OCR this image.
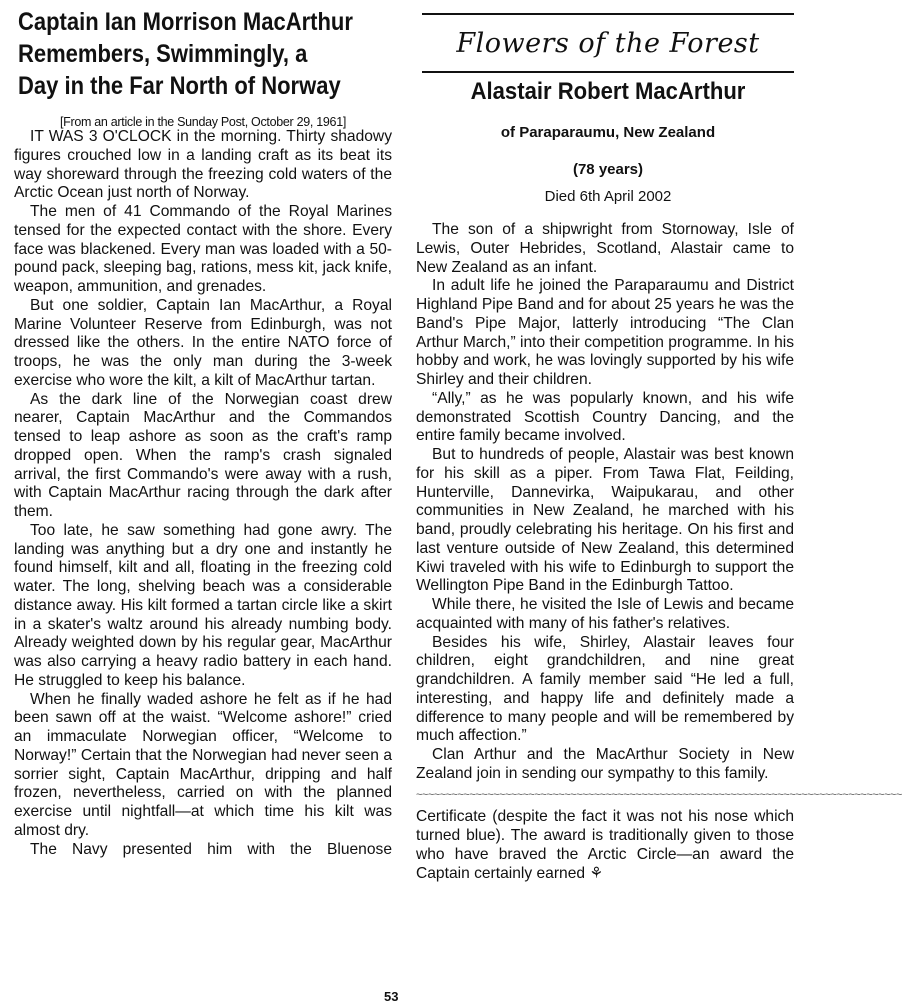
Captain Ian Morrison MacArthur
Remembers, Swimmingly, a
Day in the Far North of Norway
[From an article in the Sunday Post, October 29, 1961]

IT WAS 3 O'CLOCK in the morning. Thirty shadowy figures crouched low in a landing craft as its beat its way shoreward through the freezing cold waters of the Arctic Ocean just north of Norway.

The men of 41 Commando of the Royal Marines tensed for the expected contact with the shore. Every face was blackened. Every man was loaded with a 50-pound pack, sleeping bag, rations, mess kit, jack knife, weapon, ammunition, and grenades.

But one soldier, Captain Ian MacArthur, a Royal Marine Volunteer Reserve from Edinburgh, was not dressed like the others. In the entire NATO force of troops, he was the only man during the 3-week exercise who wore the kilt, a kilt of MacArthur tartan.

As the dark line of the Norwegian coast drew nearer, Captain MacArthur and the Commandos tensed to leap ashore as soon as the craft's ramp dropped open. When the ramp's crash signaled arrival, the first Commando's were away with a rush, with Captain MacArthur racing through the dark after them.

Too late, he saw something had gone awry. The landing was anything but a dry one and instantly he found himself, kilt and all, floating in the freezing cold water. The long, shelving beach was a considerable distance away. His kilt formed a tartan circle like a skirt in a skater's waltz around his already numbing body. Already weighted down by his regular gear, MacArthur was also carrying a heavy radio battery in each hand. He struggled to keep his balance.

When he finally waded ashore he felt as if he had been sawn off at the waist. “Welcome ashore!” cried an immaculate Norwegian officer, “Welcome to Norway!” Certain that the Norwegian had never seen a sorrier sight, Captain MacArthur, dripping and half frozen, nevertheless, carried on with the planned exercise until nightfall—at which time his kilt was almost dry.

The Navy presented him with the Bluenose

Flowers of the Forest
Alastair Robert MacArthur
of Paraparaumu, New Zealand
(78 years)
Died 6th April 2002

The son of a shipwright from Stornoway, Isle of Lewis, Outer Hebrides, Scotland, Alastair came to New Zealand as an infant.

In adult life he joined the Paraparaumu and District Highland Pipe Band and for about 25 years he was the Band's Pipe Major, latterly introducing “The Clan Arthur March,” into their competition programme. In his hobby and work, he was lovingly supported by his wife Shirley and their children.

“Ally,” as he was popularly known, and his wife demonstrated Scottish Country Dancing, and the entire family became involved.

But to hundreds of people, Alastair was best known for his skill as a piper. From Tawa Flat, Feilding, Hunterville, Dannevirka, Waipukarau, and other communities in New Zealand, he marched with his band, proudly celebrating his heritage. On his first and last venture outside of New Zealand, this determined Kiwi traveled with his wife to Edinburgh to support the Wellington Pipe Band in the Edinburgh Tattoo.

While there, he visited the Isle of Lewis and became acquainted with many of his father's relatives.

Besides his wife, Shirley, Alastair leaves four children, eight grandchildren, and nine great grandchildren. A family member said “He led a full, interesting, and happy life and definitely made a difference to many people and will be remembered by much affection.”

Clan Arthur and the MacArthur Society in New Zealand join in sending our sympathy to this family.

~~~~~~~~~~~~~~~~~~~~~~~~~~~~~~~~~~~~~~~~~~~~~~~~~~~~~~~~~~~~~~~~~~~~~~~~~~~~~~~~~~

Certificate (despite the fact it was not his nose which turned blue). The award is traditionally given to those who have braved the Arctic Circle—an award the Captain certainly earned ⚘

53
